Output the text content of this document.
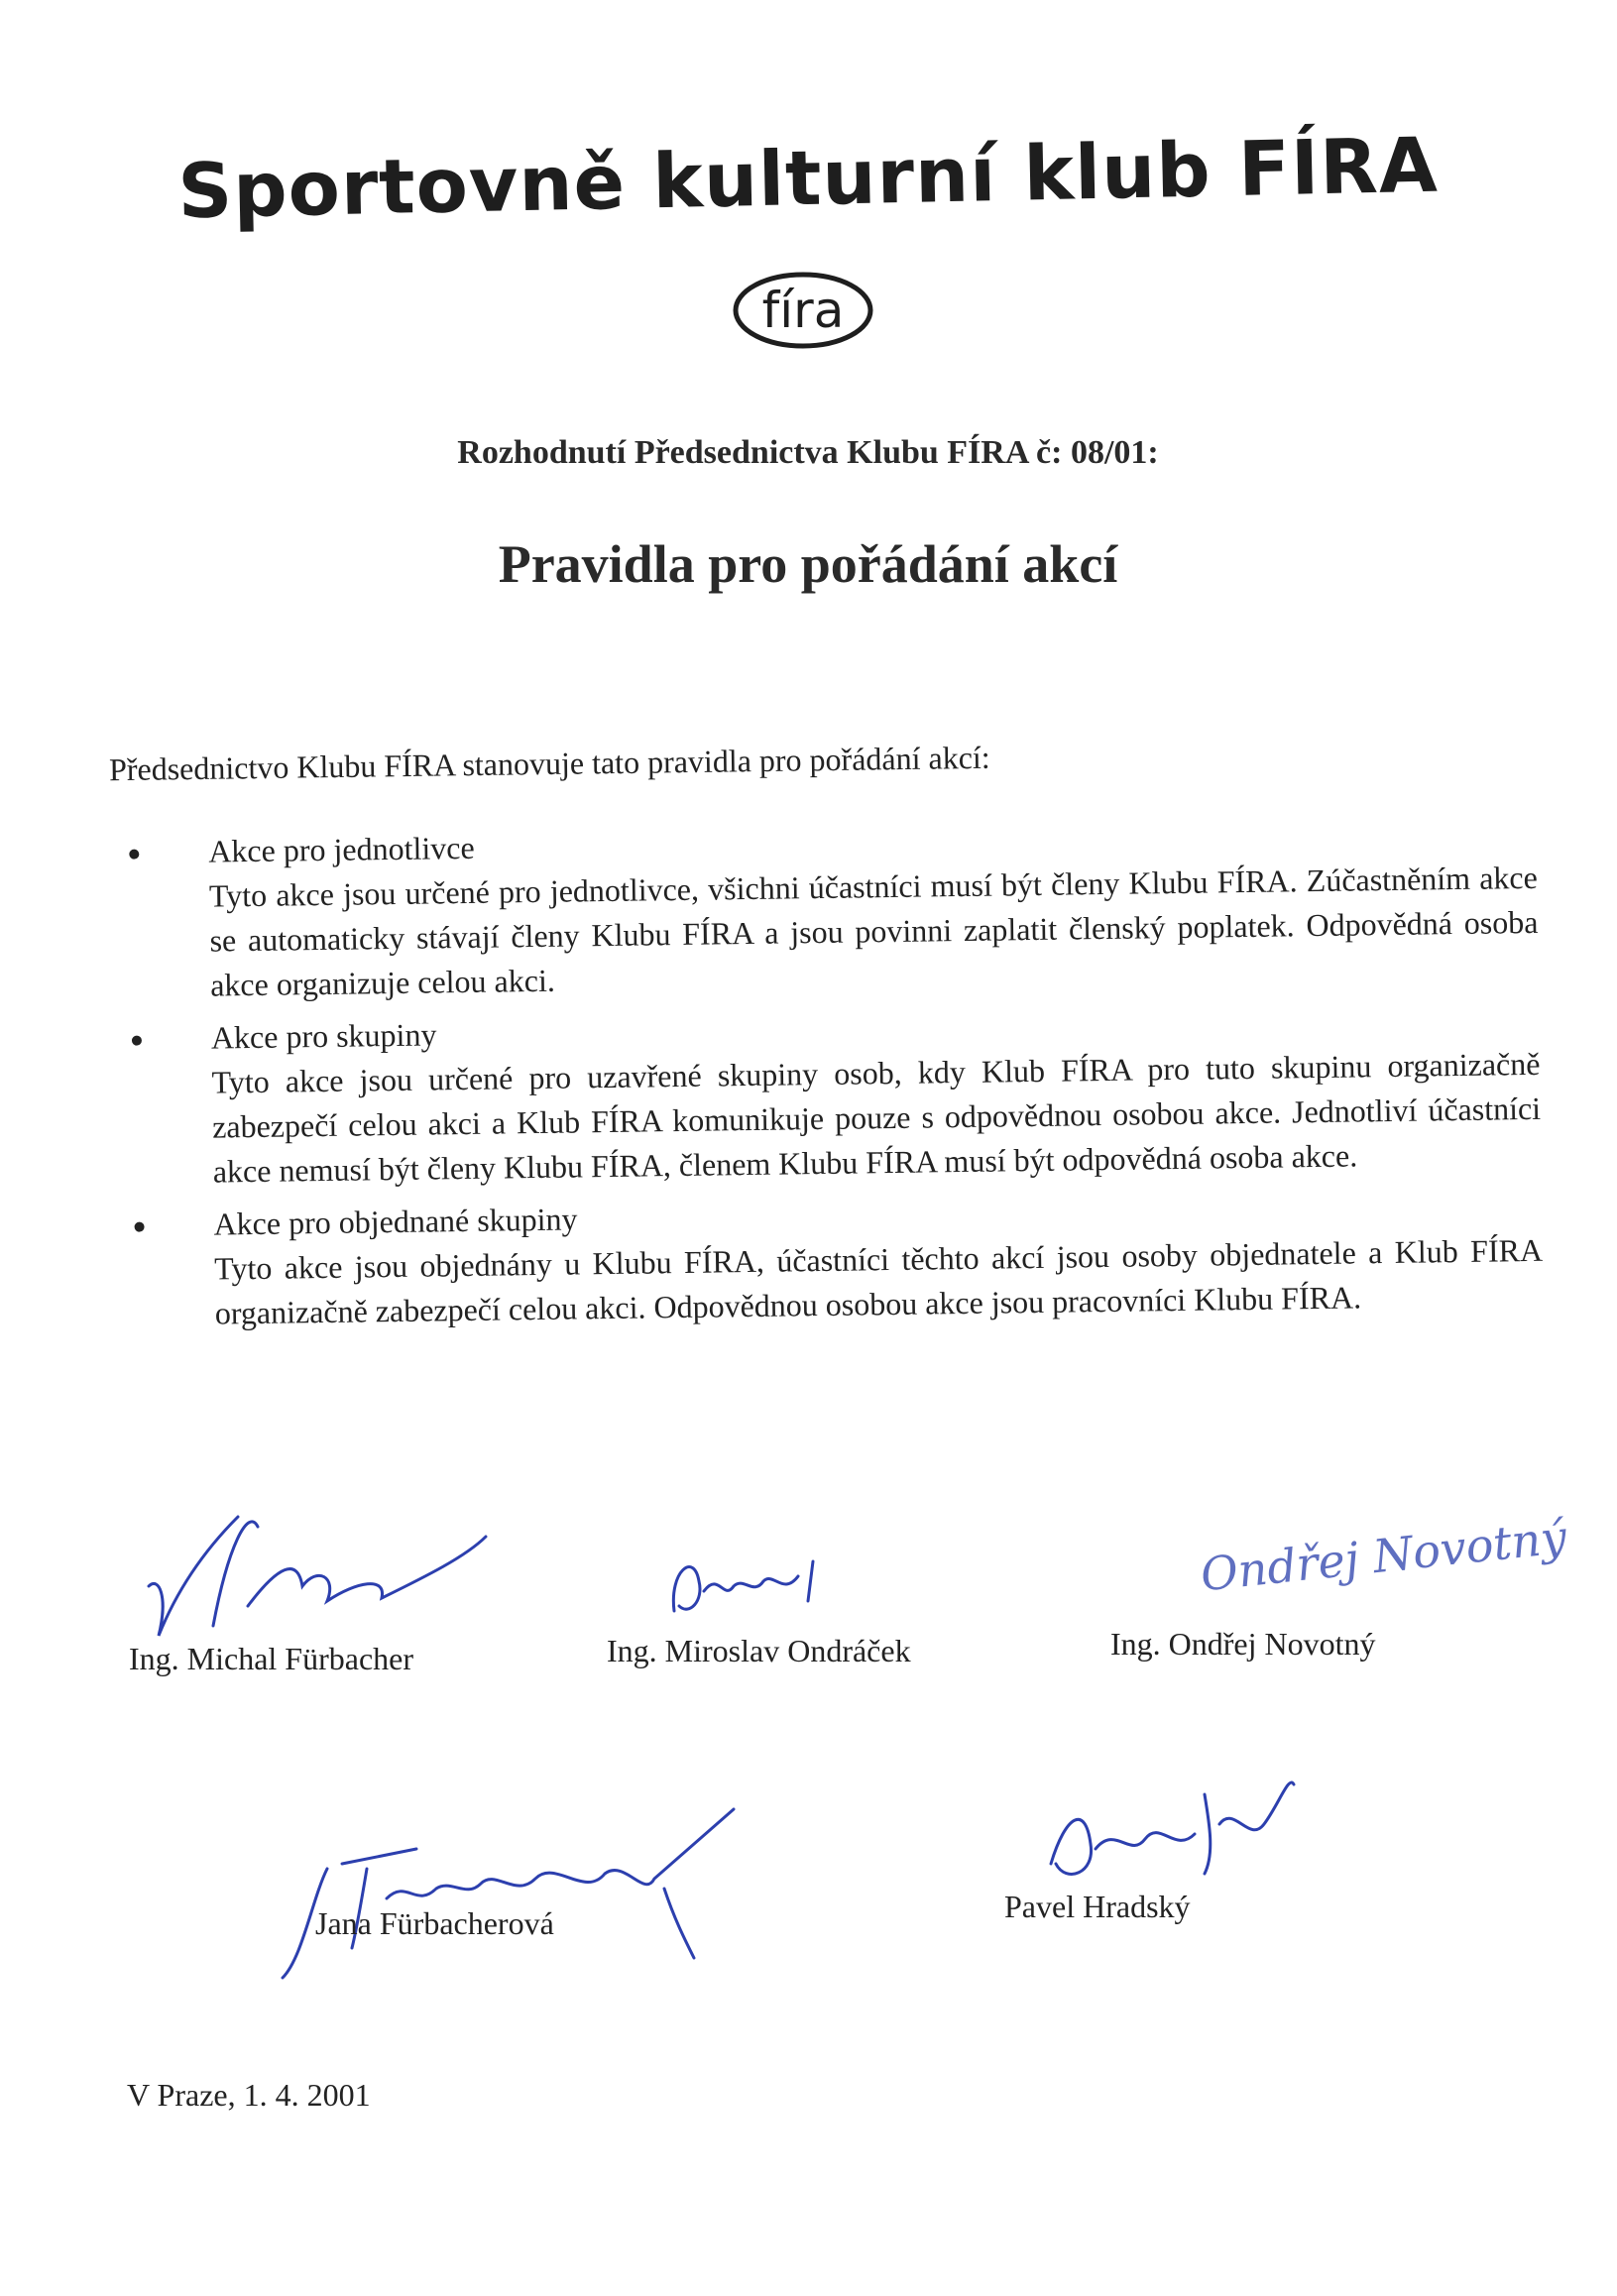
Sportovně kulturní klub FÍRA
fíra
Rozhodnutí Předsednictva Klubu FÍRA č: 08/01:
Pravidla pro pořádání akcí
Předsednictvo Klubu FÍRA stanovuje tato pravidla pro pořádání akcí:
Akce pro jednotlivce
Tyto akce jsou určené pro jednotlivce, všichni účastníci musí být členy Klubu FÍRA. Zúčastněním akce se automaticky stávají členy Klubu FÍRA a jsou povinni zaplatit členský poplatek. Odpovědná osoba akce organizuje celou akci.
Akce pro skupiny
Tyto akce jsou určené pro uzavřené skupiny osob, kdy Klub FÍRA pro tuto skupinu organizačně zabezpečí celou akci a Klub FÍRA komunikuje pouze s odpovědnou osobou akce. Jednotliví účastníci akce nemusí být členy Klubu FÍRA, členem Klubu FÍRA musí být odpovědná osoba akce.
Akce pro objednané skupiny
Tyto akce jsou objednány u Klubu FÍRA, účastníci těchto akcí jsou osoby objednatele a Klub FÍRA organizačně zabezpečí celou akci. Odpovědnou osobou akce jsou pracovníci Klubu FÍRA.
Ing. Michal Fürbacher	Ing. Miroslav Ondráček
Ondřej Novotný
Ing. Ondřej Novotný
Jana Fürbacherová	Pavel Hradský
V Praze, 1. 4. 2001
